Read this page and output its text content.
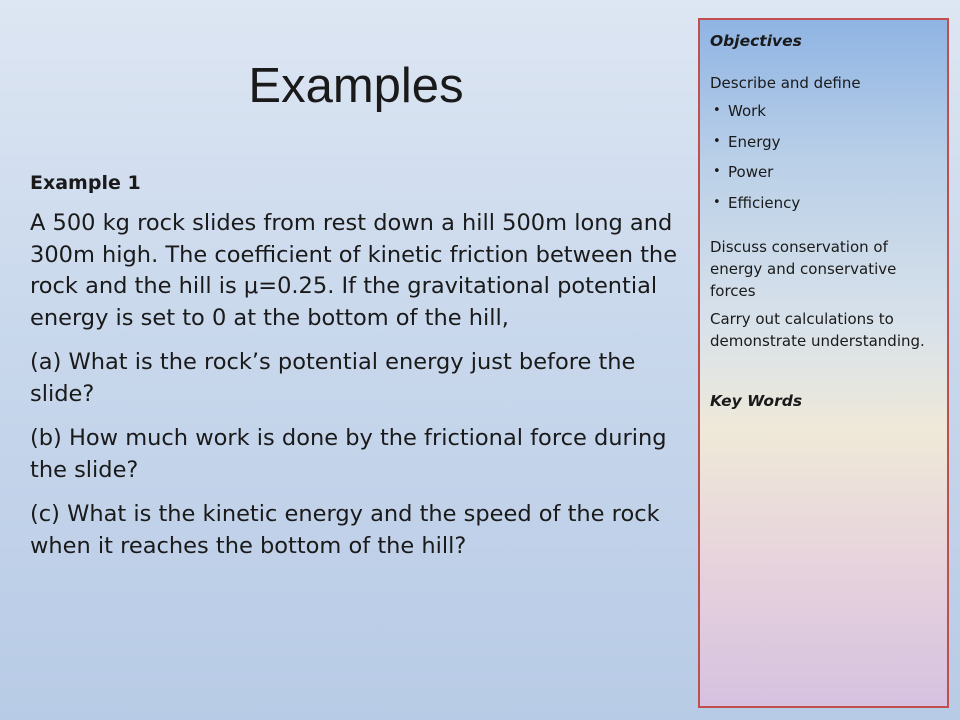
Examples

Example 1

A 500 kg rock slides from rest down a hill 500m long and 300m high. The coefficient of kinetic friction between the rock and the hill is μ=0.25. If the gravitational potential energy is set to 0 at the bottom of the hill,

(a) What is the rock’s potential energy just before the slide?

(b) How much work is done by the frictional force during the slide?

(c) What is the kinetic energy and the speed of the rock when it reaches the bottom of the hill?

Objectives

Describe and define

• Work
• Energy
• Power
• Efficiency

Discuss conservation of energy and conservative forces

Carry out calculations to demonstrate understanding.

Key Words
